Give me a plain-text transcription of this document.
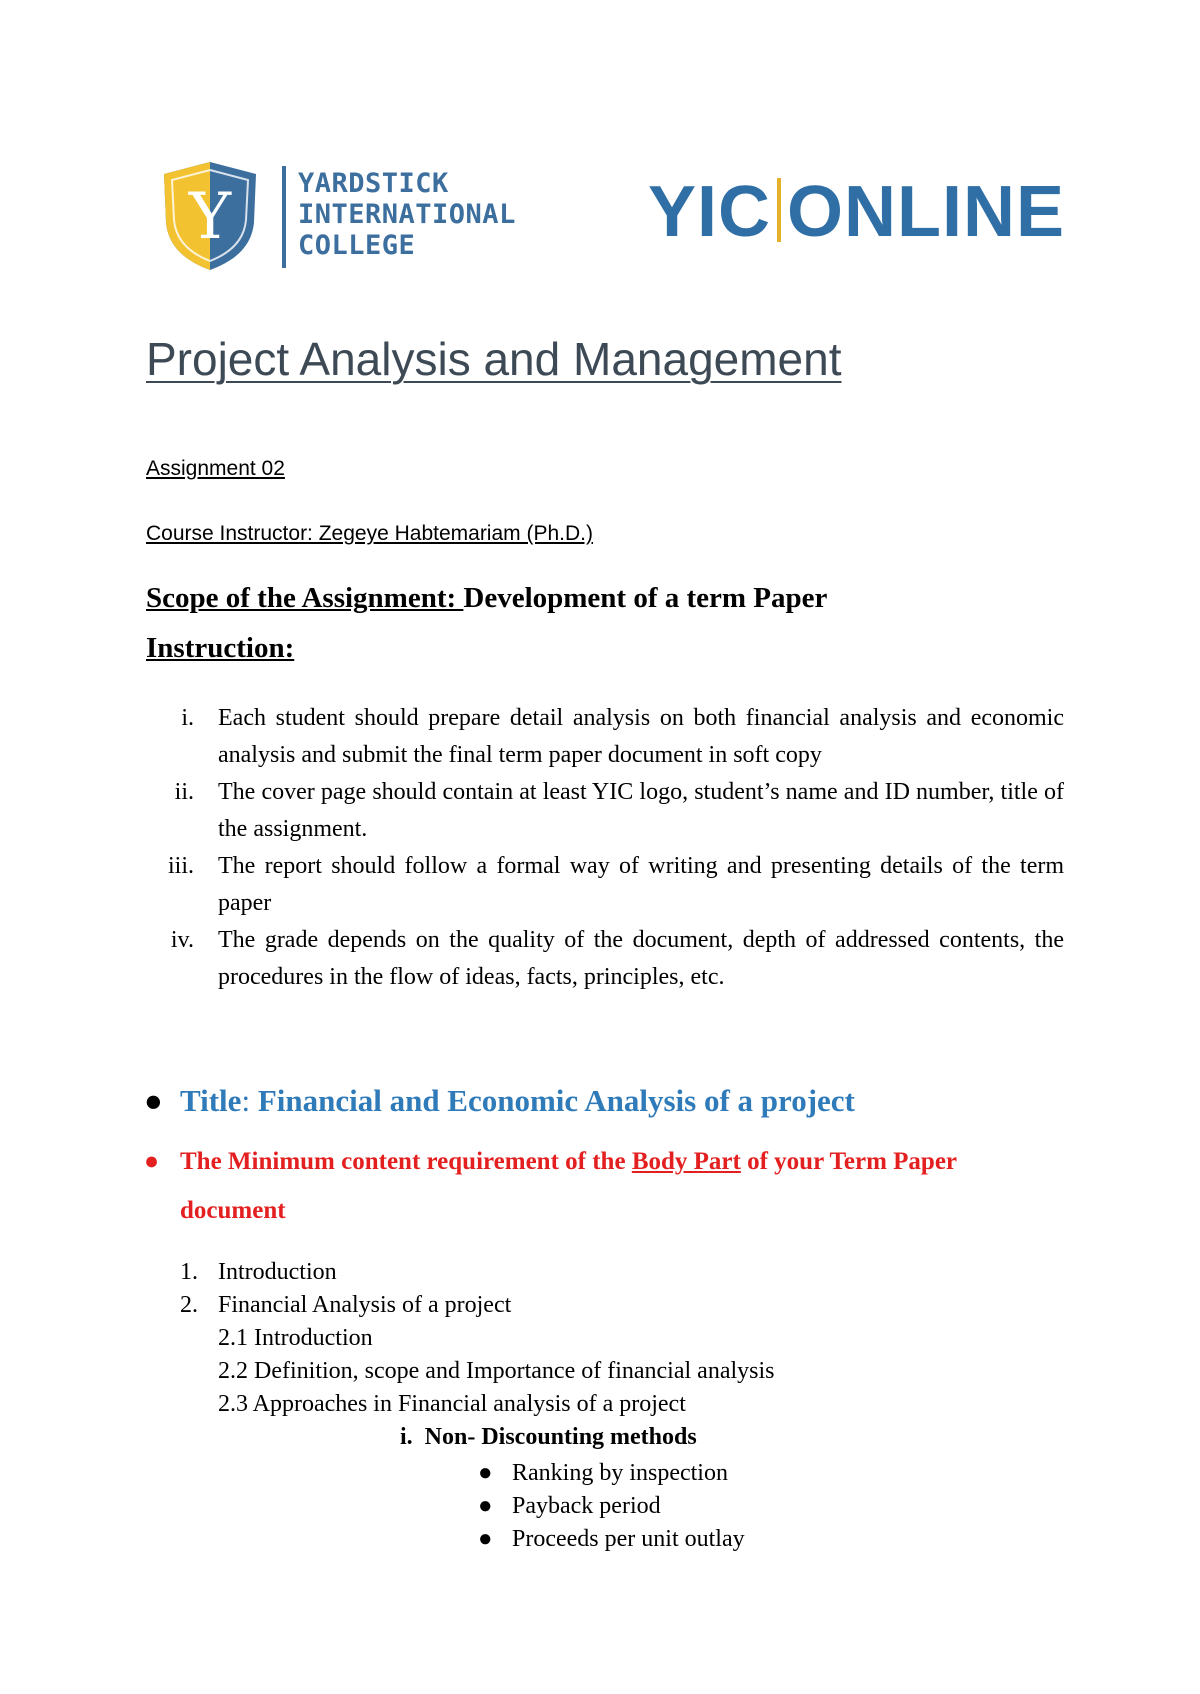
Y YARDSTICK
INTERNATIONAL
COLLEGE	YIC ONLINE
Project Analysis and Management
Assignment 02
Course Instructor: Zegeye Habtemariam (Ph.D.)
Scope of the Assignment: Development of a term Paper
Instruction:
i. Each student should prepare detail analysis on both financial analysis and economic analysis and submit the final term paper document in soft copy
ii. The cover page should contain at least YIC logo, student’s name and ID number, title of the assignment.
iii. The report should follow a formal way of writing and presenting details of the term paper
iv. The grade depends on the quality of the document, depth of addressed contents, the procedures in the flow of ideas, facts, principles, etc.
● Title: Financial and Economic Analysis of a project
● The Minimum content requirement of the Body Part of your Term Paper document
1. Introduction
2. Financial Analysis of a project
2.1 Introduction
2.2 Definition, scope and Importance of financial analysis
2.3 Approaches in Financial analysis of a project
i. Non- Discounting methods
● Ranking by inspection
● Payback period
● Proceeds per unit outlay
